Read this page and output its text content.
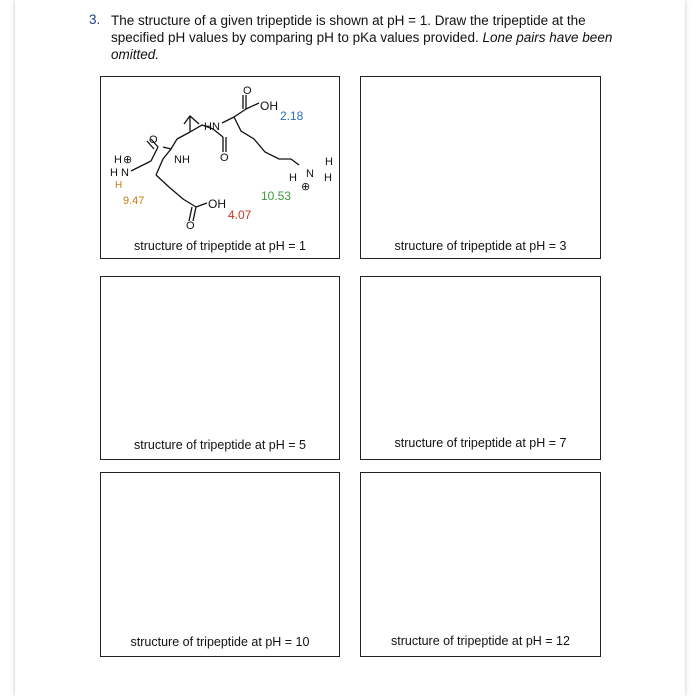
3. The structure of a given tripeptide is shown at pH = 1. Draw the tripeptide at the specified pH values by comparing pH to pKa values provided. Lone pairs have been omitted.
O
OH
2.18
HN
O
O
NH
H ⊕
H N
H
9.47
H
H N H
⊕
10.53
O
OH
4.07
structure of tripeptide at pH = 1	structure of tripeptide at pH = 3
structure of tripeptide at pH = 5	structure of tripeptide at pH = 7
structure of tripeptide at pH = 10	structure of tripeptide at pH = 12
